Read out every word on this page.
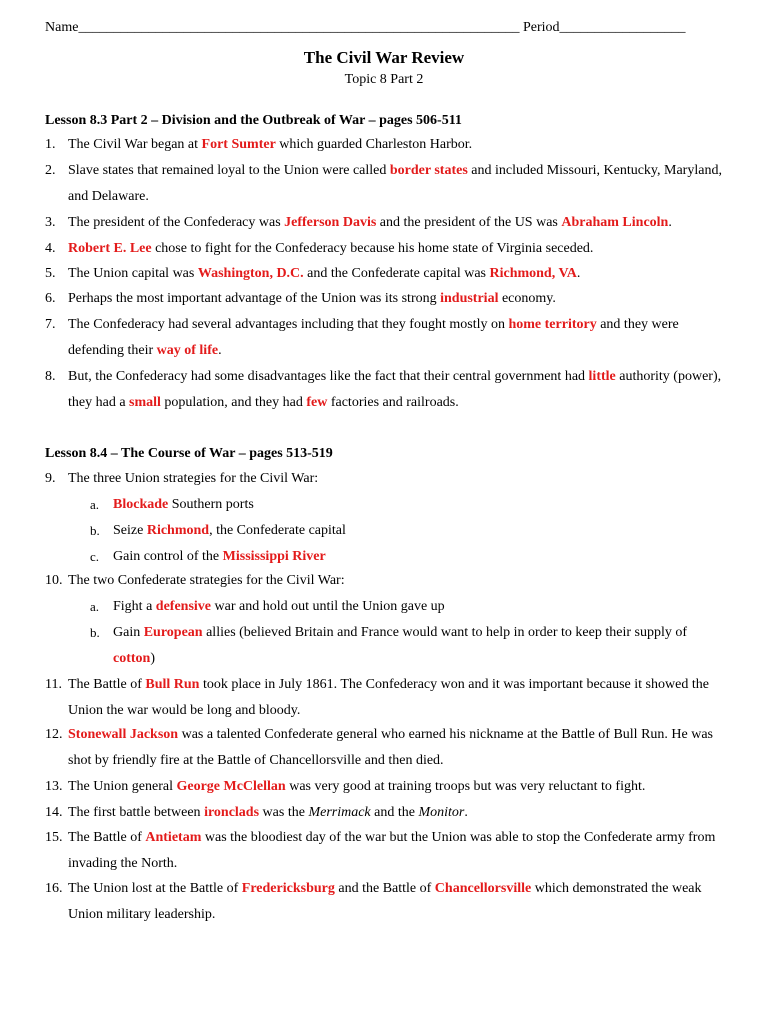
Name_______________________________________________________________ Period__________________
The Civil War Review
Topic 8 Part 2
Lesson 8.3 Part 2 – Division and the Outbreak of War – pages 506-511
1. The Civil War began at Fort Sumter which guarded Charleston Harbor.
2. Slave states that remained loyal to the Union were called border states and included Missouri, Kentucky, Maryland, and Delaware.
3. The president of the Confederacy was Jefferson Davis and the president of the US was Abraham Lincoln.
4. Robert E. Lee chose to fight for the Confederacy because his home state of Virginia seceded.
5. The Union capital was Washington, D.C. and the Confederate capital was Richmond, VA.
6. Perhaps the most important advantage of the Union was its strong industrial economy.
7. The Confederacy had several advantages including that they fought mostly on home territory and they were defending their way of life.
8. But, the Confederacy had some disadvantages like the fact that their central government had little authority (power), they had a small population, and they had few factories and railroads.
Lesson 8.4 – The Course of War – pages 513-519
9. The three Union strategies for the Civil War:
a. Blockade Southern ports
b. Seize Richmond, the Confederate capital
c. Gain control of the Mississippi River
10. The two Confederate strategies for the Civil War:
a. Fight a defensive war and hold out until the Union gave up
b. Gain European allies (believed Britain and France would want to help in order to keep their supply of cotton)
11. The Battle of Bull Run took place in July 1861. The Confederacy won and it was important because it showed the Union the war would be long and bloody.
12. Stonewall Jackson was a talented Confederate general who earned his nickname at the Battle of Bull Run. He was shot by friendly fire at the Battle of Chancellorsville and then died.
13. The Union general George McClellan was very good at training troops but was very reluctant to fight.
14. The first battle between ironclads was the Merrimack and the Monitor.
15. The Battle of Antietam was the bloodiest day of the war but the Union was able to stop the Confederate army from invading the North.
16. The Union lost at the Battle of Fredericksburg and the Battle of Chancellorsville which demonstrated the weak Union military leadership.
